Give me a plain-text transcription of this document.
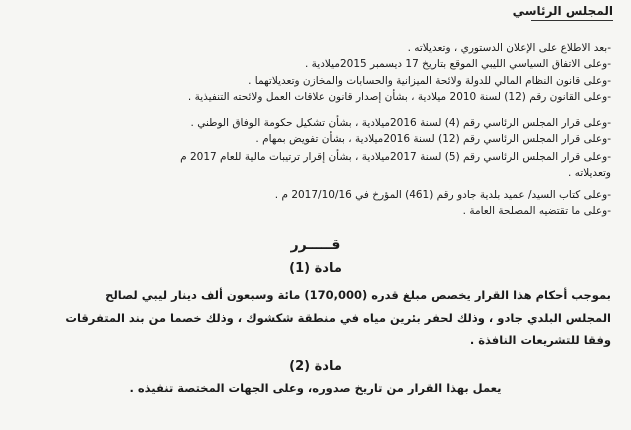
المجلس الرئاسي
-بعد الاطلاع على الإعلان الدستوري ، وتعديلاته .
-وعلى الاتفاق السياسي الليبي الموقع بتاريخ 17 ديسمبر 2015ميلادية .
-وعلى قانون النظام المالي للدولة ولائحة الميزانية والحسابات والمخازن وتعديلاتهما .
-وعلى القانون رقم (12) لسنة 2010 ميلادية ، بشأن إصدار قانون علاقات العمل ولائحته التنفيذية .
-وعلى قرار المجلس الرئاسي رقم (4) لسنة 2016ميلادية ، بشأن تشكيل حكومة الوفاق الوطني .
-وعلى قرار المجلس الرئاسي رقم (12) لسنة 2016ميلادية ، بشأن تفويض بمهام .
-وعلى قرار المجلس الرئاسي رقم (5) لسنة 2017ميلادية ، بشأن إقرار ترتيبات مالية للعام 2017 م
وتعديلاته .
-وعلى كتاب السيد/ عميد بلدية جادو رقم (461) المؤرخ في 2017/10/16 م .
-وعلى ما تقتضيه المصلحة العامة .
قـــــرر
مادة (1)
بموجب أحكام هذا القرار يخصص مبلغ قدره (170,000) مائة وسبعون ألف دينار ليبي لصالح
المجلس البلدي جادو ، وذلك لحفر بئرين مياه في منطقة شكشوك ، وذلك خصما من بند المتفرقات
وفقا للتشريعات النافذة .
مادة (2)
يعمل بهذا القرار من تاريخ صدوره، وعلى الجهات المختصة تنفيذه .
